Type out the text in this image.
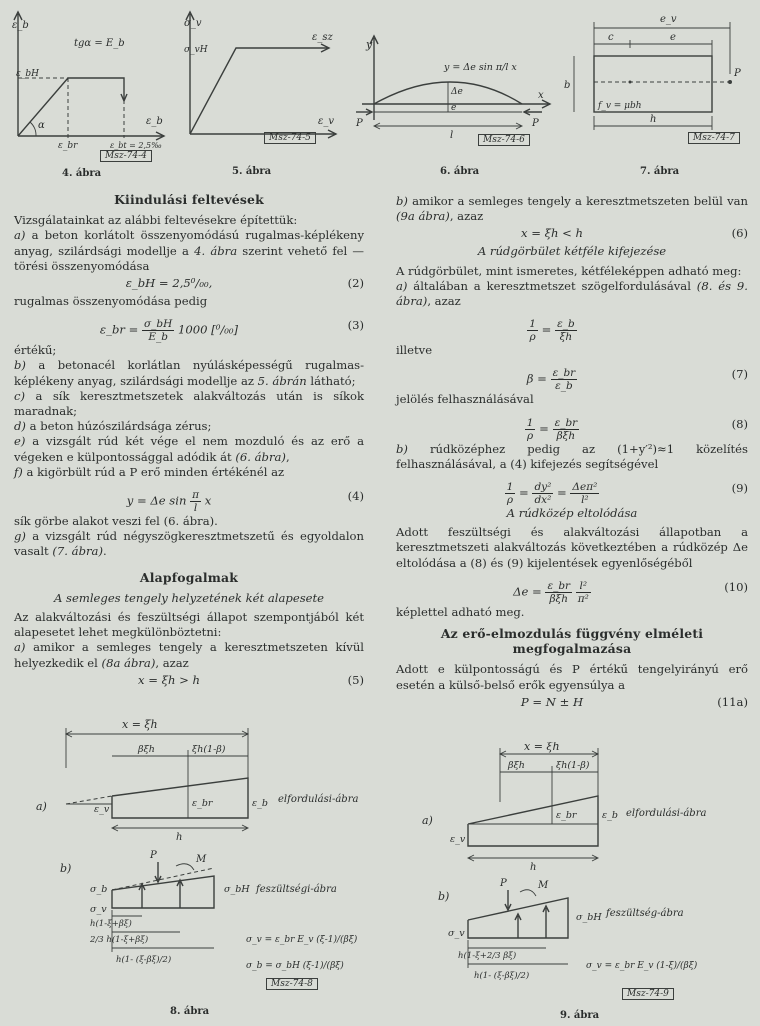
ε_b
ε_bH
tgα = E_b
α	ε_b
ε_br	ε_bt = 2,5‰
Msz-74-4
4. ábra
σ_v
σ_vH
ε_sz
ε_v
Msz-74-5
5. ábra
y
x
y = Δe sin π/l x
Δe
e
l
P	P
Msz-74-6
6. ábra
e_v
c	e
b
P
f_v = μbh
h
Msz-74-7
7. ábra
Kiindulási feltevések

Vizsgálatainkat az alábbi feltevésekre építettük:

a) a beton korlátolt összenyomódású rugalmas-képlékeny anyag, szilárdsági modellje a 4. ábra szerint vehető fel — törési összenyomódása

ε_bH = 2,5⁰/₀₀,	(2)

rugalmas összenyomódása pedig

ε_br = $\frac{\sigma\_bH}{E\_b} 1000$ [⁰/₀₀]	(3)

értékű;

b) a betonacél korlátlan nyúlásképességű rugalmas-képlékeny anyag, szilárdsági modellje az 5. ábrán látható;

c) a sík keresztmetszetek alakváltozás után is síkok maradnak;

d) a beton húzószilárdsága zérus;

e) a vizsgált rúd két vége el nem mozduló és az erő a végeken e külpontossággal adódik át (6. ábra),

f) a kigörbült rúd a P erő minden értékénél az

y = Δe $\sin \frac{\pi}{l}$ x	(4)

sík görbe alakot veszi fel (6. ábra).

g) a vizsgált rúd négyszögkeresztmetszetű és egyoldalon vasalt (7. ábra).

Alapfogalmak
A semleges tengely helyzetének két alapesete

Az alakváltozási és feszültségi állapot szempontjából két alapesetet lehet megkülönböztetni:

a) amikor a semleges tengely a keresztmetszeten kívül helyezkedik el (8a ábra), azaz

x = ξh > h	(5)

b) amikor a semleges tengely a keresztmetszeten belül van (9a ábra), azaz

x = ξh < h	(6)
A rúdgörbület kétféle kifejezése

A rúdgörbület, mint ismeretes, kétféleképpen adható meg:

a) általában a keresztmetszet szögelfordulásával (8. és 9. ábra), azaz

$\frac{1}{\rho} = \frac{\varepsilon\_b}{\xi h}$

illetve

$\beta = \frac{\varepsilon\_br}{\varepsilon\_b}$	(7)

jelölés felhasználásával

$\frac{1}{\rho} = \frac{\varepsilon\_br}{\text{βξh}}$	(8)

b) rúdközéphez pedig az (1+y′²)≈1 közelítés felhasználásával, a (4) kifejezés segítségével

$\frac{1}{\rho} = \frac{\text{dy²}}{\text{dx²}} = \frac{\text{Δeπ²}}{\text{l²}}$	(9)
A rúdközép eltolódása

Adott feszültségi és alakváltozási állapotban a keresztmetszeti alakváltozás következtében a rúdközép Δe eltolódása a (8) és (9) kijelentések egyenlőségéből

$\Delta e = \frac{\varepsilon\_br}{\text{βξh}}$
$\frac{\text{l²}}{\text{π²}}$	(10)

képlettel adható meg.

Az erő-elmozdulás függvény elméleti megfogalmazása

Adott e külpontosságú és P értékű tengelyirányú erő esetén a külső-belső erők egyensúlya a

P = N ± H	(11a)
x = ξh
βξh	ξh(1-β)
a)	ε_v
ε_br	ε_b elfordulási-ábra
h
b)
P	M
σ_b
σ_v
σ_bH feszültségi-ábra
h(1-ξ+βξ)
2/3 h(1-ξ+βξ)
h(1- (ξ-βξ)/2)
σ_v = ε_br E_v (ξ-1)/(βξ)
σ_b = σ_bH (ξ-1)/(βξ)
Msz-74-8
8. ábra
x = ξh
βξh	ξh(1-β)
a)
ε_v
ε_br	ε_b elfordulási-ábra
h
b)
P	M
σ_v
σ_bH feszültség-ábra
h(1-ξ+2/3 βξ)
h(1- (ξ-βξ)/2)
σ_v = ε_br E_v (1-ξ)/(βξ)
Msz-74-9
9. ábra
